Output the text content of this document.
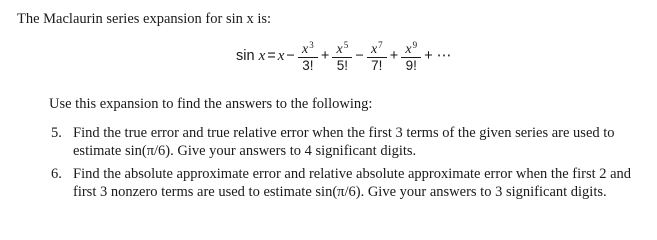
The Maclaurin series expansion for sin x is:
sin
$x = x - \frac{x^3}{3!} + \frac{x^5}{5!} - \frac{x^7}{7!} + \frac{x^9}{9!}$ + ⋯
Use this expansion to find the answers to the following:
5. Find the true error and true relative error when the first 3 terms of the given series are used to
estimate sin(π/6). Give your answers to 4 significant digits.
6. Find the absolute approximate error and relative absolute approximate error when the first 2 and
first 3 nonzero terms are used to estimate sin(π/6). Give your answers to 3 significant digits.
